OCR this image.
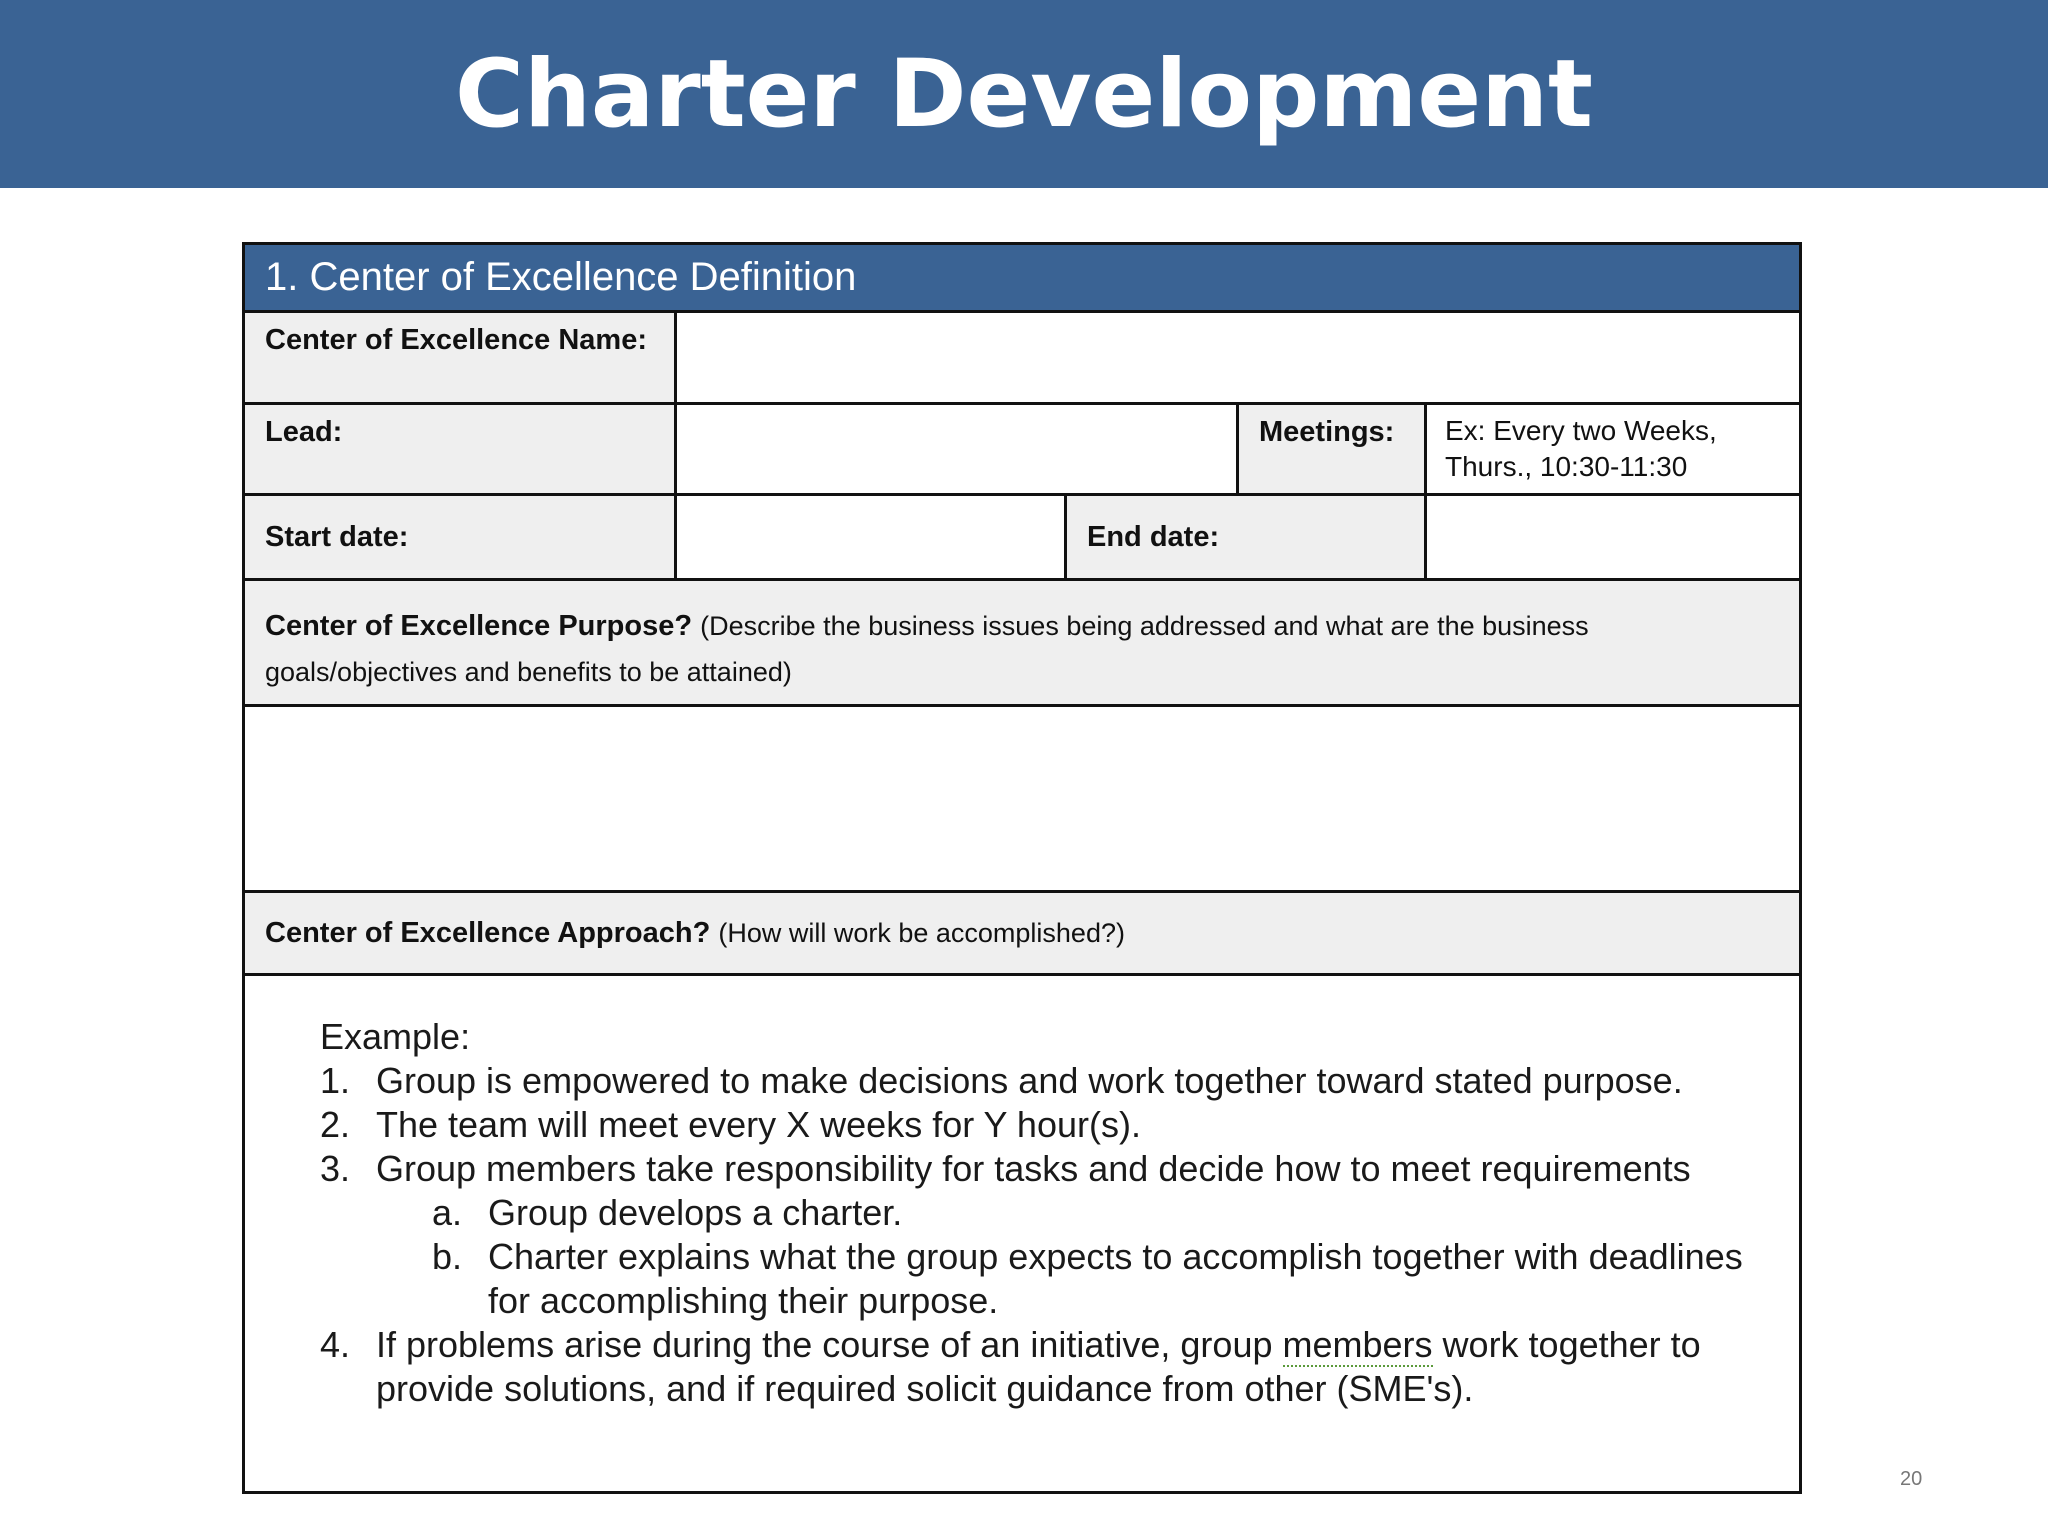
Charter Development
1. Center of Excellence Definition
Center of Excellence Name:
Lead:	Meetings:	Ex: Every two Weeks, Thurs., 10:30-11:30
Start date:	End date:
Center of Excellence Purpose? (Describe the business issues being addressed and what are the business goals/objectives and benefits to be attained)
Center of Excellence Approach? (How will work be accomplished?)
Example:
1. Group is empowered to make decisions and work together toward stated purpose.
2. The team will meet every X weeks for Y hour(s).
3. Group members take responsibility for tasks and decide how to meet requirements
a. Group develops a charter.
b. Charter explains what the group expects to accomplish together with deadlines for accomplishing their purpose.
4. If problems arise during the course of an initiative, group members work together to provide solutions, and if required solicit guidance from other (SME's).
20
